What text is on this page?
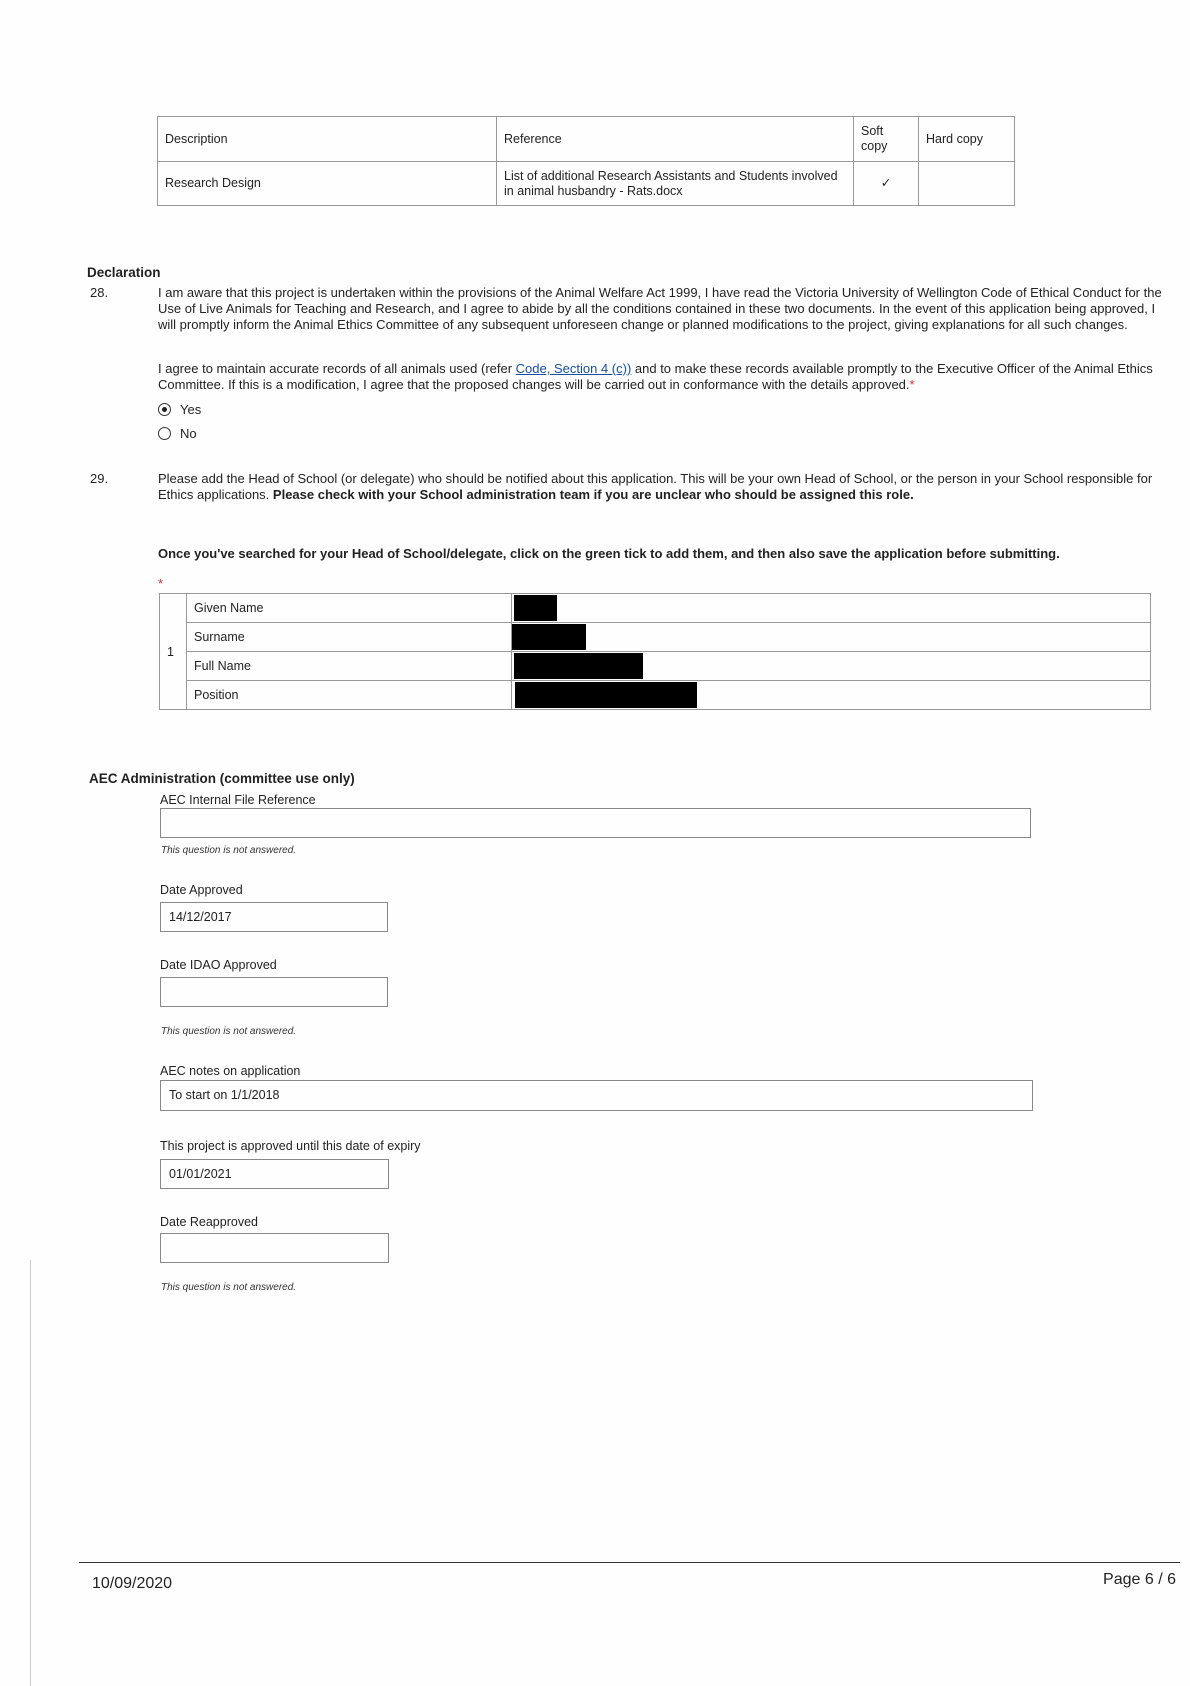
Description	Reference	Soft copy	Hard copy
Research Design	List of additional Research Assistants and Students involved in animal husbandry - Rats.docx	✓	
Declaration
28.	I am aware that this project is undertaken within the provisions of the Animal Welfare Act 1999, I have read the Victoria University of Wellington Code of Ethical Conduct for the Use of Live Animals for Teaching and Research, and I agree to abide by all the conditions contained in these two documents. In the event of this application being approved, I will promptly inform the Animal Ethics Committee of any subsequent unforeseen change or planned modifications to the project, giving explanations for all such changes.
I agree to maintain accurate records of all animals used (refer Code, Section 4 (c)) and to make these records available promptly to the Executive Officer of the Animal Ethics Committee. If this is a modification, I agree that the proposed changes will be carried out in conformance with the details approved.*
Yes
No
29.	Please add the Head of School (or delegate) who should be notified about this application. This will be your own Head of School, or the person in your School responsible for Ethics applications. Please check with your School administration team if you are unclear who should be assigned this role.
Once you've searched for your Head of School/delegate, click on the green tick to add them, and then also save the application before submitting.
*
1	Given Name	
	Surname	
	Full Name	
	Position	
AEC Administration (committee use only)
AEC Internal File Reference
This question is not answered.
Date Approved
14/12/2017
Date IDAO Approved
This question is not answered.
AEC notes on application
To start on 1/1/2018
This project is approved until this date of expiry
01/01/2021
Date Reapproved
This question is not answered.
10/09/2020	Page 6 / 6
